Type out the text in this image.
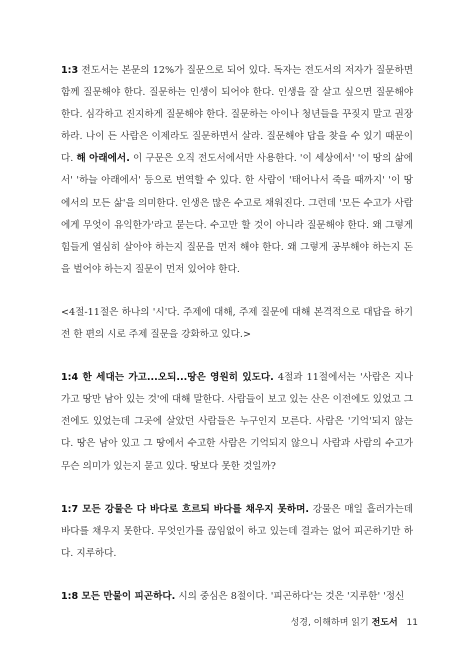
1:3 전도서는 본문의 12%가 질문으로 되어 있다. 독자는 전도서의 저자가 질문하면 함께 질문해야 한다. 질문하는 인생이 되어야 한다. 인생을 잘 살고 싶으면 질문해야 한다. 심각하고 진지하게 질문해야 한다. 질문하는 아이나 청년들을 꾸짖지 말고 권장하라. 나이 든 사람은 이제라도 질문하면서 살라. 질문해야 답을 찾을 수 있기 때문이다. 해 아래에서. 이 구문은 오직 전도서에서만 사용한다. '이 세상에서' '이 땅의 삶에서' '하늘 아래에서' 등으로 번역할 수 있다. 한 사람이 '태어나서 죽을 때까지' '이 땅에서의 모든 삶'을 의미한다. 인생은 많은 수고로 채워진다. 그런데 '모든 수고가 사람에게 무엇이 유익한가'라고 묻는다. 수고만 할 것이 아니라 질문해야 한다. 왜 그렇게 힘들게 열심히 살아야 하는지 질문을 먼저 해야 한다. 왜 그렇게 공부해야 하는지 돈을 벌어야 하는지 질문이 먼저 있어야 한다.

<4절-11절은 하나의 '시'다. 주제에 대해, 주제 질문에 대해 본격적으로 대답을 하기 전 한 편의 시로 주제 질문을 강화하고 있다.>

1:4 한 세대는 가고...오되...땅은 영원히 있도다. 4절과 11절에서는 '사람은 지나가고 땅만 남아 있는 것'에 대해 말한다. 사람들이 보고 있는 산은 이전에도 있었고 그 전에도 있었는데 그곳에 살았던 사람들은 누구인지 모른다. 사람은 '기억'되지 않는다. 땅은 남아 있고 그 땅에서 수고한 사람은 기억되지 않으니 사람과 사람의 수고가 무슨 의미가 있는지 묻고 있다. 땅보다 못한 것일까?

1:7 모든 강물은 다 바다로 흐르되 바다를 채우지 못하며. 강물은 매일 흘러가는데 바다를 채우지 못한다. 무엇인가를 끊임없이 하고 있는데 결과는 없어 피곤하기만 하다. 지루하다.

1:8 모든 만물이 피곤하다. 시의 중심은 8절이다. '피곤하다'는 것은 '지루한' '정신

성경, 이해하며 읽기 전도서 11
